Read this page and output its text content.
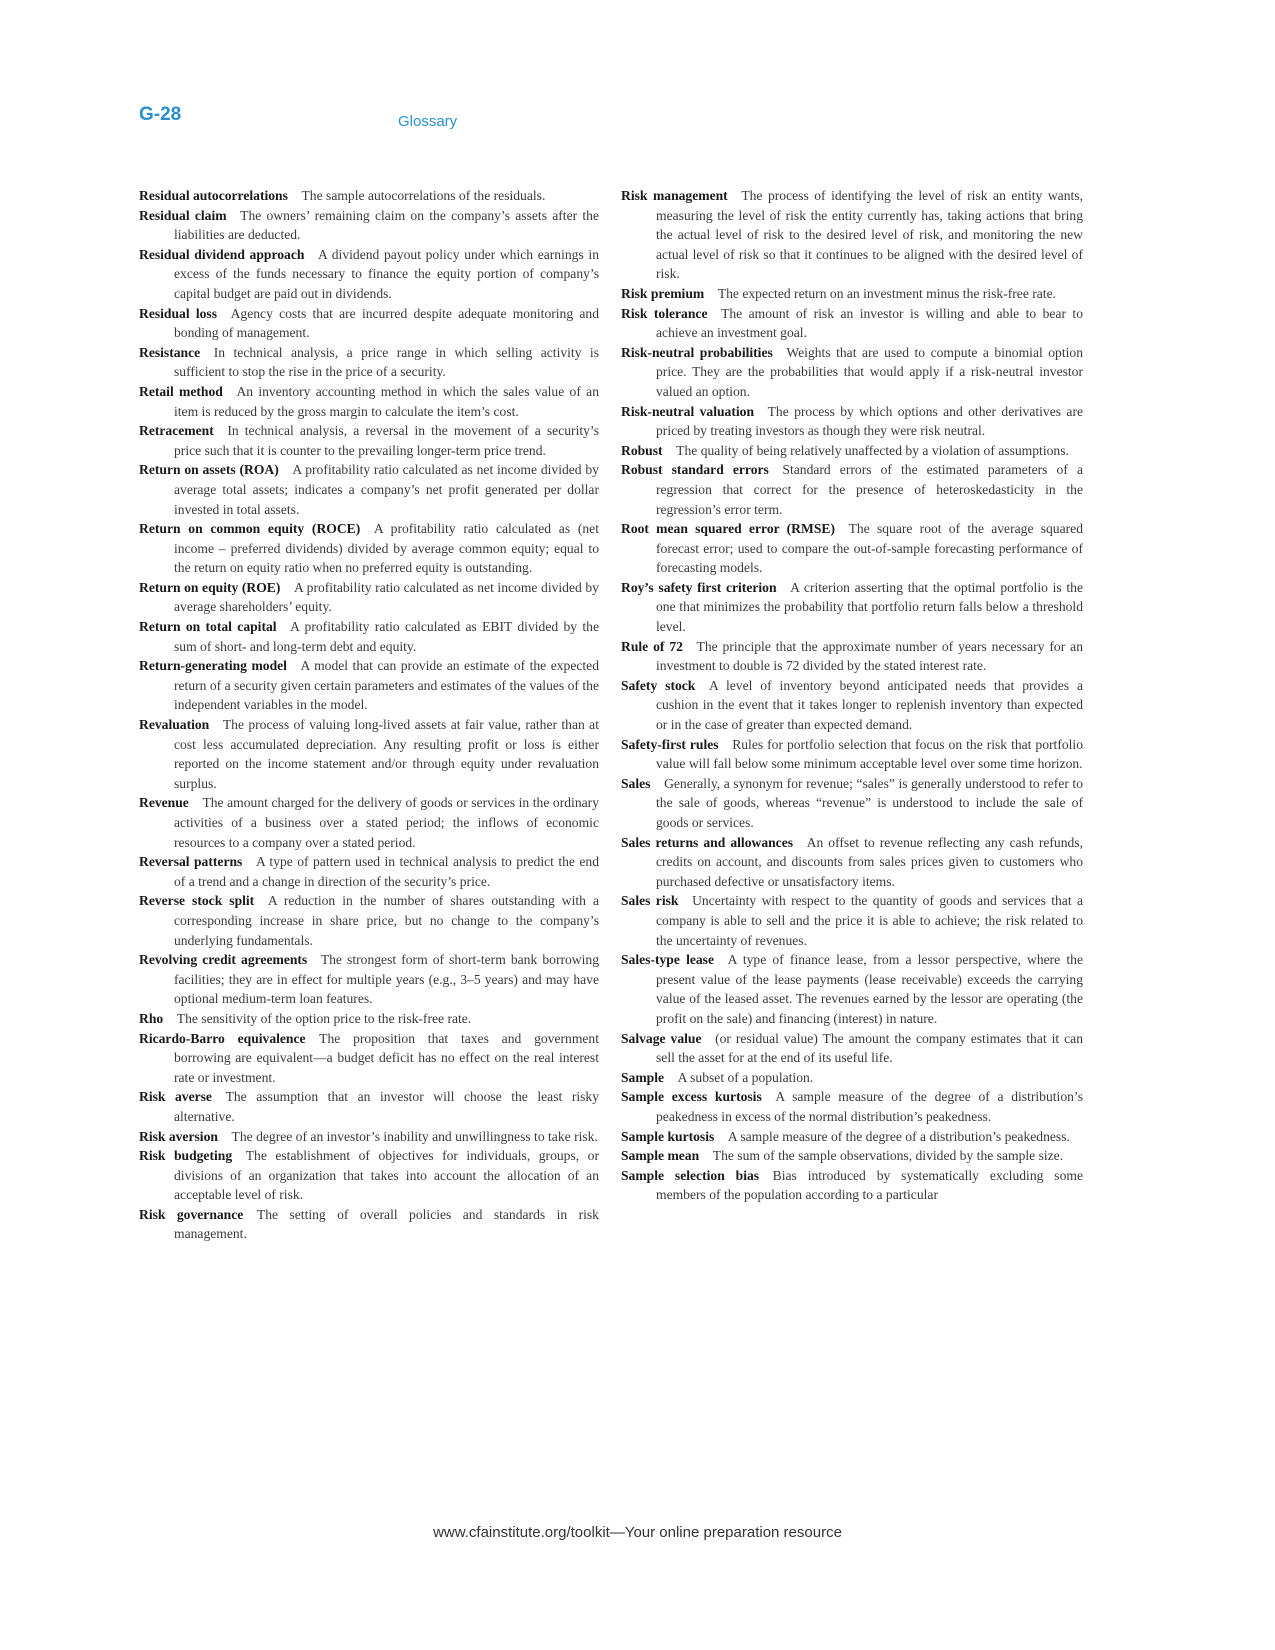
G-28	Glossary

Residual autocorrelations  The sample autocorrelations of the residuals.

Residual claim  The owners’ remaining claim on the company’s assets after the liabilities are deducted.

Residual dividend approach  A dividend payout policy under which earnings in excess of the funds necessary to finance the equity portion of company’s capital budget are paid out in dividends.

Residual loss  Agency costs that are incurred despite adequate monitoring and bonding of management.

Resistance  In technical analysis, a price range in which selling activity is sufficient to stop the rise in the price of a security.

Retail method  An inventory accounting method in which the sales value of an item is reduced by the gross margin to calculate the item’s cost.

Retracement  In technical analysis, a reversal in the movement of a security’s price such that it is counter to the prevailing longer-term price trend.

Return on assets (ROA)  A profitability ratio calculated as net income divided by average total assets; indicates a company’s net profit generated per dollar invested in total assets.

Return on common equity (ROCE)  A profitability ratio calculated as (net income – preferred dividends) divided by average common equity; equal to the return on equity ratio when no preferred equity is outstanding.

Return on equity (ROE)  A profitability ratio calculated as net income divided by average shareholders’ equity.

Return on total capital  A profitability ratio calculated as EBIT divided by the sum of short- and long-term debt and equity.

Return-generating model  A model that can provide an estimate of the expected return of a security given certain parameters and estimates of the values of the independent variables in the model.

Revaluation  The process of valuing long-lived assets at fair value, rather than at cost less accumulated depreciation. Any resulting profit or loss is either reported on the income statement and/or through equity under revaluation surplus.

Revenue  The amount charged for the delivery of goods or services in the ordinary activities of a business over a stated period; the inflows of economic resources to a company over a stated period.

Reversal patterns  A type of pattern used in technical analysis to predict the end of a trend and a change in direction of the security’s price.

Reverse stock split  A reduction in the number of shares outstanding with a corresponding increase in share price, but no change to the company’s underlying fundamentals.

Revolving credit agreements  The strongest form of short-term bank borrowing facilities; they are in effect for multiple years (e.g., 3–5 years) and may have optional medium-term loan features.

Rho  The sensitivity of the option price to the risk-free rate.

Ricardo-Barro equivalence  The proposition that taxes and government borrowing are equivalent—a budget deficit has no effect on the real interest rate or investment.

Risk averse  The assumption that an investor will choose the least risky alternative.

Risk aversion  The degree of an investor’s inability and unwillingness to take risk.

Risk budgeting  The establishment of objectives for individuals, groups, or divisions of an organization that takes into account the allocation of an acceptable level of risk.

Risk governance  The setting of overall policies and standards in risk management.

Risk management  The process of identifying the level of risk an entity wants, measuring the level of risk the entity currently has, taking actions that bring the actual level of risk to the desired level of risk, and monitoring the new actual level of risk so that it continues to be aligned with the desired level of risk.

Risk premium  The expected return on an investment minus the risk-free rate.

Risk tolerance  The amount of risk an investor is willing and able to bear to achieve an investment goal.

Risk-neutral probabilities  Weights that are used to compute a binomial option price. They are the probabilities that would apply if a risk-neutral investor valued an option.

Risk-neutral valuation  The process by which options and other derivatives are priced by treating investors as though they were risk neutral.

Robust  The quality of being relatively unaffected by a violation of assumptions.

Robust standard errors  Standard errors of the estimated parameters of a regression that correct for the presence of heteroskedasticity in the regression’s error term.

Root mean squared error (RMSE)  The square root of the average squared forecast error; used to compare the out-of-sample forecasting performance of forecasting models.

Roy’s safety first criterion  A criterion asserting that the optimal portfolio is the one that minimizes the probability that portfolio return falls below a threshold level.

Rule of 72  The principle that the approximate number of years necessary for an investment to double is 72 divided by the stated interest rate.

Safety stock  A level of inventory beyond anticipated needs that provides a cushion in the event that it takes longer to replenish inventory than expected or in the case of greater than expected demand.

Safety-first rules  Rules for portfolio selection that focus on the risk that portfolio value will fall below some minimum acceptable level over some time horizon.

Sales  Generally, a synonym for revenue; “sales” is generally understood to refer to the sale of goods, whereas “revenue” is understood to include the sale of goods or services.

Sales returns and allowances  An offset to revenue reflecting any cash refunds, credits on account, and discounts from sales prices given to customers who purchased defective or unsatisfactory items.

Sales risk  Uncertainty with respect to the quantity of goods and services that a company is able to sell and the price it is able to achieve; the risk related to the uncertainty of revenues.

Sales-type lease  A type of finance lease, from a lessor perspective, where the present value of the lease payments (lease receivable) exceeds the carrying value of the leased asset. The revenues earned by the lessor are operating (the profit on the sale) and financing (interest) in nature.

Salvage value  (or residual value) The amount the company estimates that it can sell the asset for at the end of its useful life.

Sample  A subset of a population.

Sample excess kurtosis  A sample measure of the degree of a distribution’s peakedness in excess of the normal distribution’s peakedness.

Sample kurtosis  A sample measure of the degree of a distribution’s peakedness.

Sample mean  The sum of the sample observations, divided by the sample size.

Sample selection bias  Bias introduced by systematically excluding some members of the population according to a particular

www.cfainstitute.org/toolkit—Your online preparation resource
